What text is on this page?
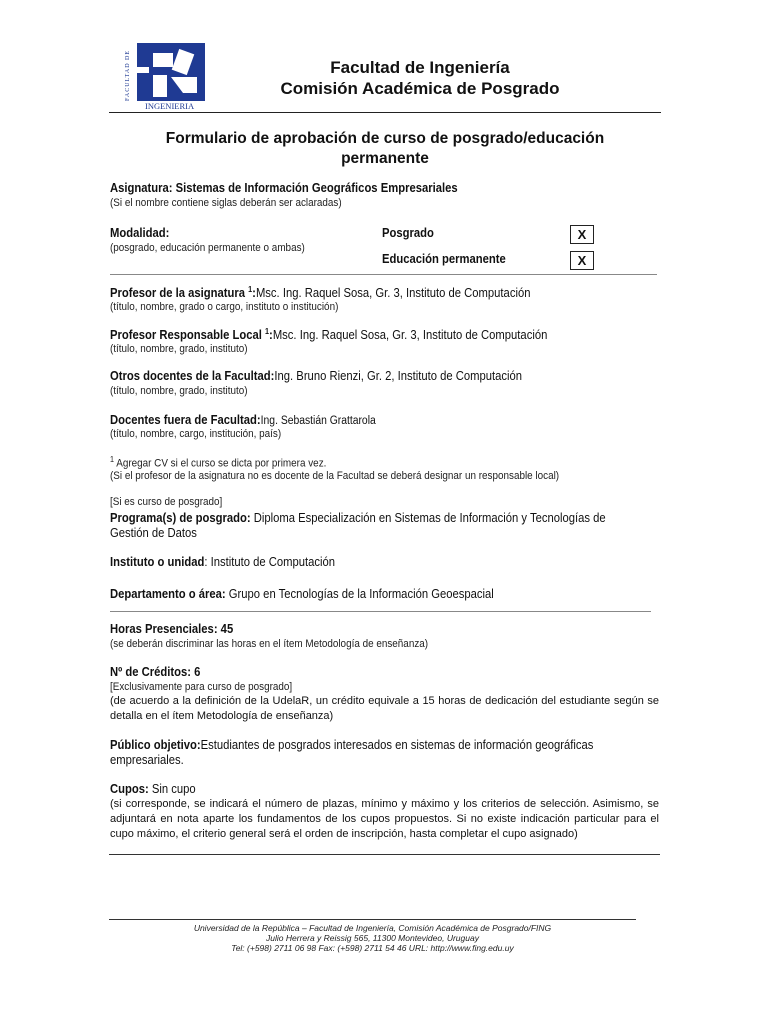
FACULTAD DE
INGENIERIA
Facultad de Ingeniería
Comisión Académica de Posgrado
Formulario de aprobación de curso de posgrado/educación permanente
Asignatura: Sistemas de Información Geográficos Empresariales
(Si el nombre contiene siglas deberán ser aclaradas)
Modalidad:
(posgrado, educación permanente o ambas)
Posgrado	X
Educación permanente	X
Profesor de la asignatura $^1$:Msc. Ing. Raquel Sosa, Gr. 3, Instituto de Computación
(título, nombre, grado o cargo, instituto o institución)
Profesor Responsable Local $^1$:Msc. Ing. Raquel Sosa, Gr. 3, Instituto de Computación
(título, nombre, grado, instituto)
Otros docentes de la Facultad:Ing. Bruno Rienzi, Gr. 2, Instituto de Computación
(título, nombre, grado, instituto)
Docentes fuera de Facultad:Ing. Sebastián Grattarola
(título, nombre, cargo, institución, país)
$^1$ Agregar CV si el curso se dicta por primera vez.
(Si el profesor de la asignatura no es docente de la Facultad se deberá designar un responsable local)
[Si es curso de posgrado]
Programa(s) de posgrado: Diploma Especialización en Sistemas de Información y Tecnologías de
Gestión de Datos
Instituto o unidad: Instituto de Computación
Departamento o área: Grupo en Tecnologías de la Información Geoespacial
Horas Presenciales: 45
(se deberán discriminar las horas en el ítem Metodología de enseñanza)
Nº de Créditos: 6
[Exclusivamente para curso de posgrado]
(de acuerdo a la definición de la UdelaR, un crédito equivale a 15 horas de dedicación del estudiante según se detalla en el ítem Metodología de enseñanza)
Público objetivo:Estudiantes de posgrados interesados en sistemas de información geográficas
empresariales.
Cupos: Sin cupo
(si corresponde, se indicará el número de plazas, mínimo y máximo y los criterios de selección. Asimismo, se adjuntará en nota aparte los fundamentos de los cupos propuestos. Si no existe indicación particular para el cupo máximo, el criterio general será el orden de inscripción, hasta completar el cupo asignado)
Universidad de la República – Facultad de Ingeniería, Comisión Académica de Posgrado/FING
Julio Herrera y Reissig 565, 11300 Montevideo, Uruguay
Tel: (+598) 2711 06 98 Fax: (+598) 2711 54 46 URL: http://www.fing.edu.uy
